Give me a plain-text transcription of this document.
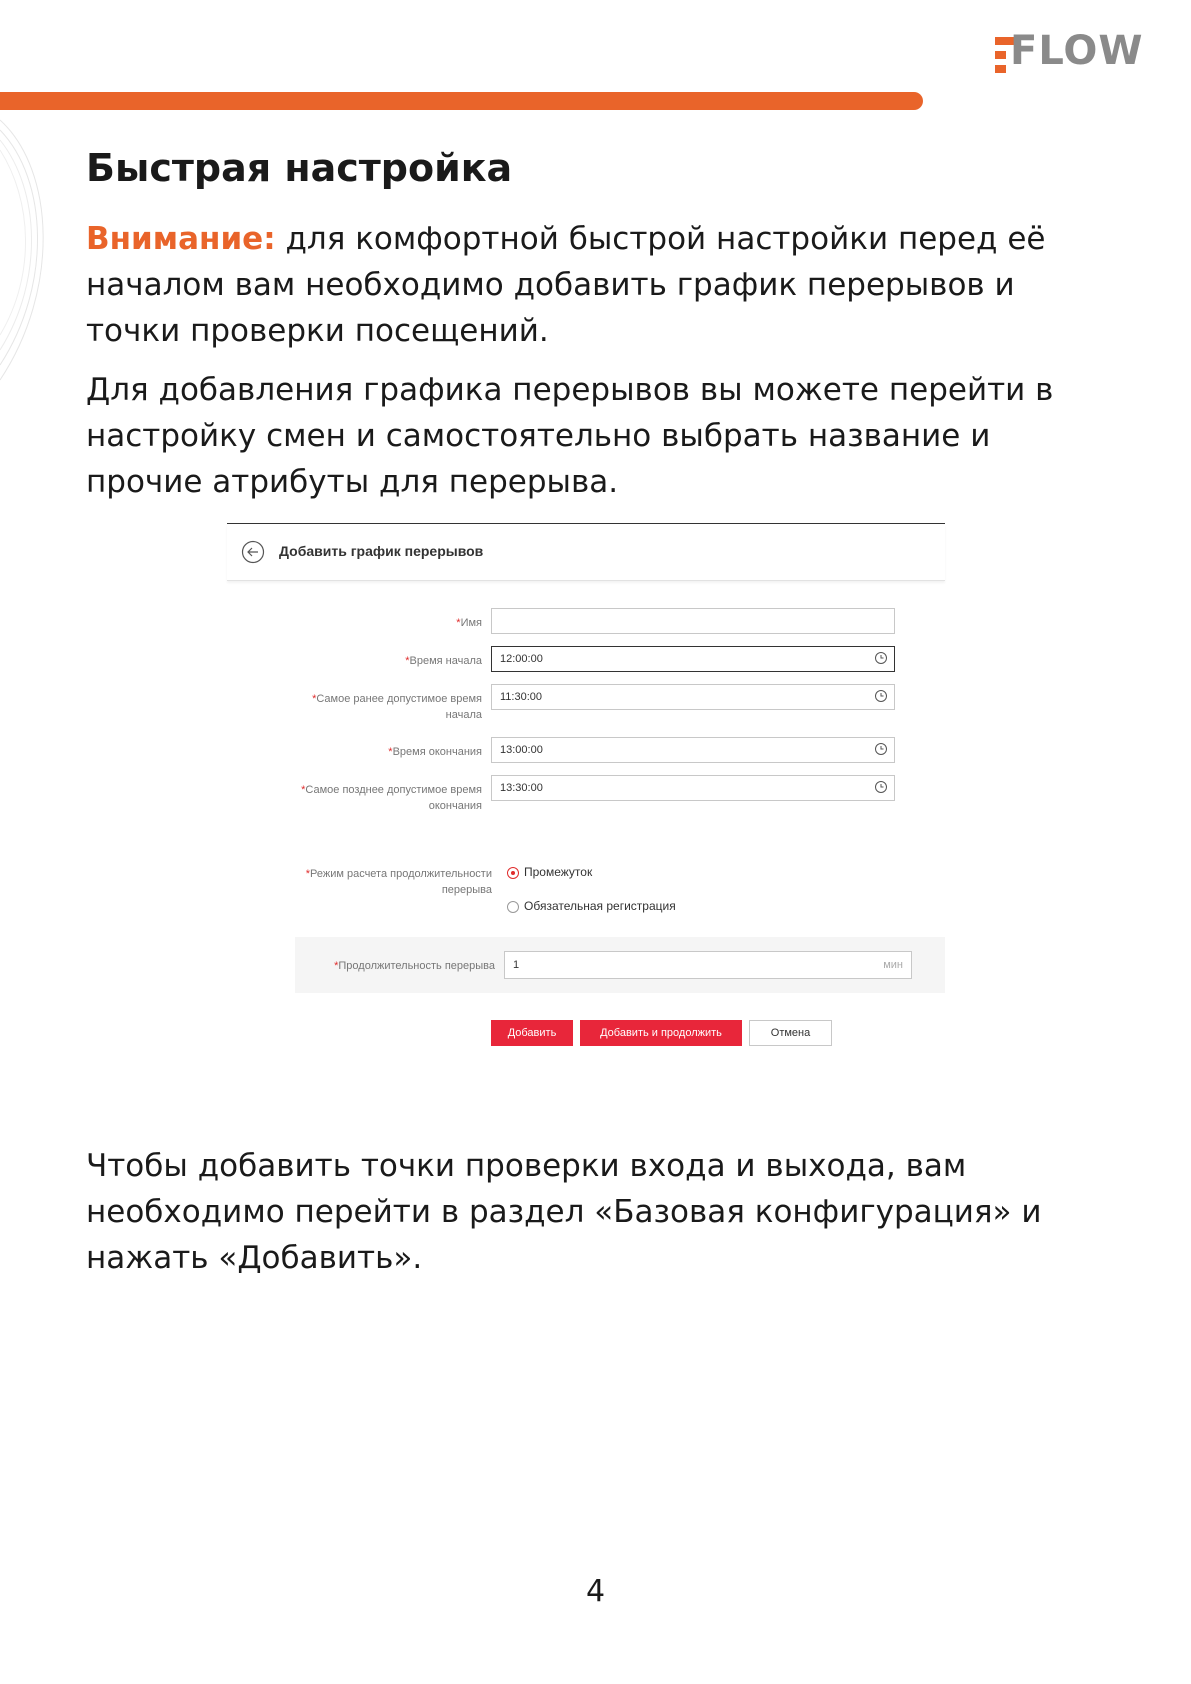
FLOW
Быстрая настройка

Внимание: для комфортной быстрой настройки перед её началом вам необходимо добавить график перерывов и точки проверки посещений.

Для добавления графика перерывов вы можете перейти в настройку смен и самостоятельно выбрать название и прочие атрибуты для перерыва.

Добавить график перерывов
*Имя
*Время начала 12:00:00
*Самое ранее допустимое время начала
11:30:00
*Время окончания 13:00:00
*Самое позднее допустимое время окончания
13:30:00
*Режим расчета продолжительности перерыва
Промежуток
Обязательная регистрация
*Продолжительность перерыва 1	мин
Добавить	Добавить и продолжить	Отмена

Чтобы добавить точки проверки входа и выхода, вам необходимо перейти в раздел «Базовая конфигурация» и нажать «Добавить».

4
